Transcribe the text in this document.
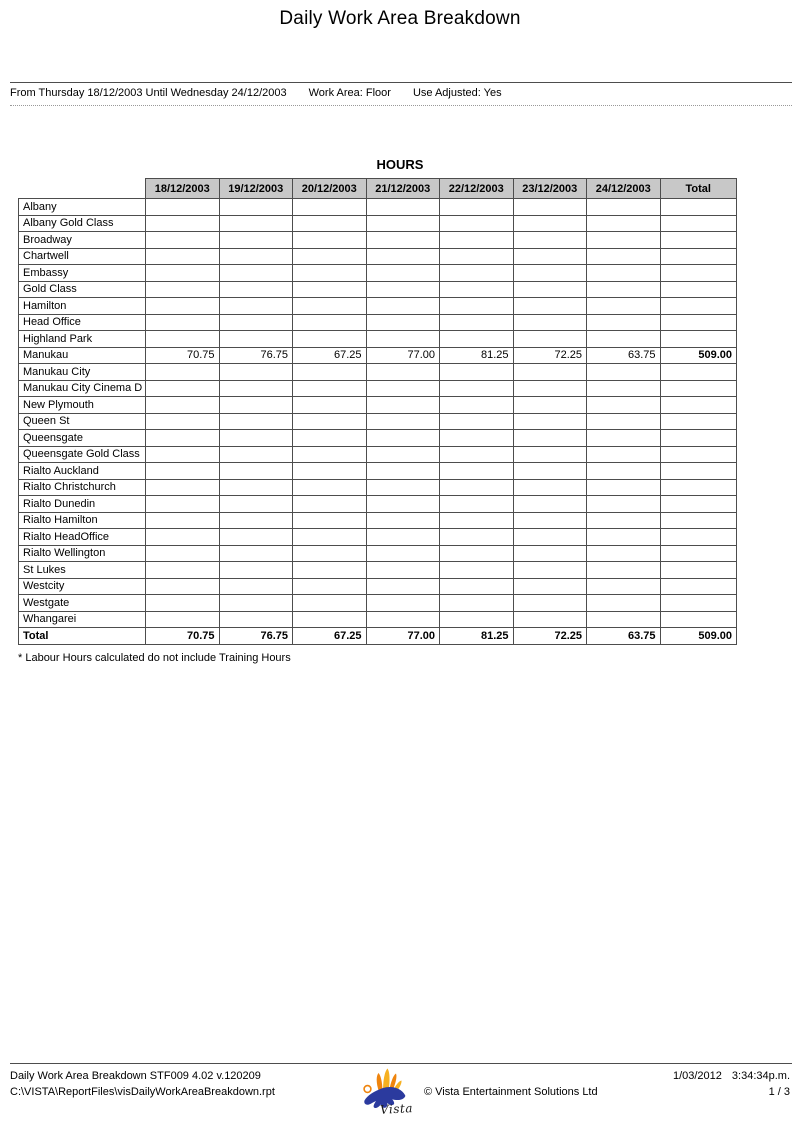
Daily Work Area Breakdown
From Thursday 18/12/2003 Until Wednesday 24/12/2003 Work Area: Floor Use Adjusted: Yes
HOURS
	18/12/2003	19/12/2003	20/12/2003	21/12/2003	22/12/2003	23/12/2003	24/12/2003	Total
Albany								
Albany Gold Class								
Broadway								
Chartwell								
Embassy								
Gold Class								
Hamilton								
Head Office								
Highland Park								
Manukau	70.75	76.75	67.25	77.00	81.25	72.25	63.75	509.00
Manukau City								
Manukau City Cinema D								
New Plymouth								
Queen St								
Queensgate								
Queensgate Gold Class								
Rialto Auckland								
Rialto Christchurch								
Rialto Dunedin								
Rialto Hamilton								
Rialto HeadOffice								
Rialto Wellington								
St Lukes								
Westcity								
Westgate								
Whangarei								
Total	70.75	76.75	67.25	77.00	81.25	72.25	63.75	509.00
* Labour Hours calculated do not include Training Hours
Daily Work Area Breakdown STF009 4.02 v.120209
C:\VISTA\ReportFiles\visDailyWorkAreaBreakdown.rpt
1/03/2012 3:34:34p.m.
1 / 3
Vista
© Vista Entertainment Solutions Ltd
